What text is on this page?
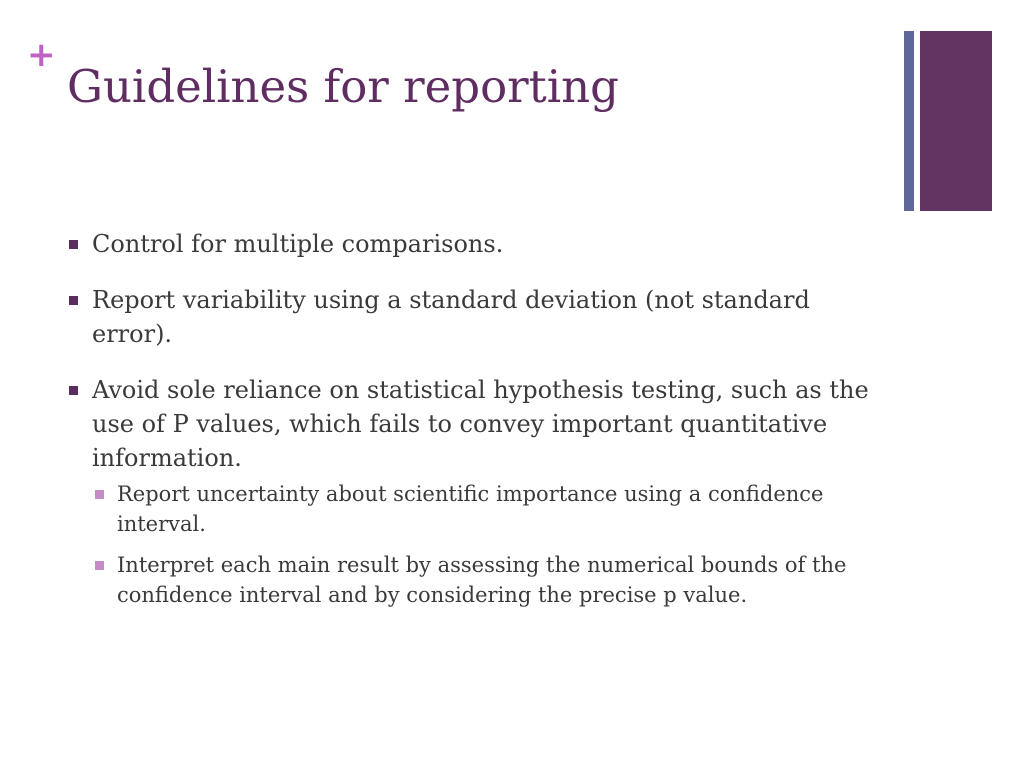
+
Guidelines for reporting
Control for multiple comparisons.
Report variability using a standard deviation (not standard error).
Avoid sole reliance on statistical hypothesis testing, such as the use of P values, which fails to convey important quantitative information.
Report uncertainty about scientific importance using a confidence interval.
Interpret each main result by assessing the numerical bounds of the confidence interval and by considering the precise p value.
